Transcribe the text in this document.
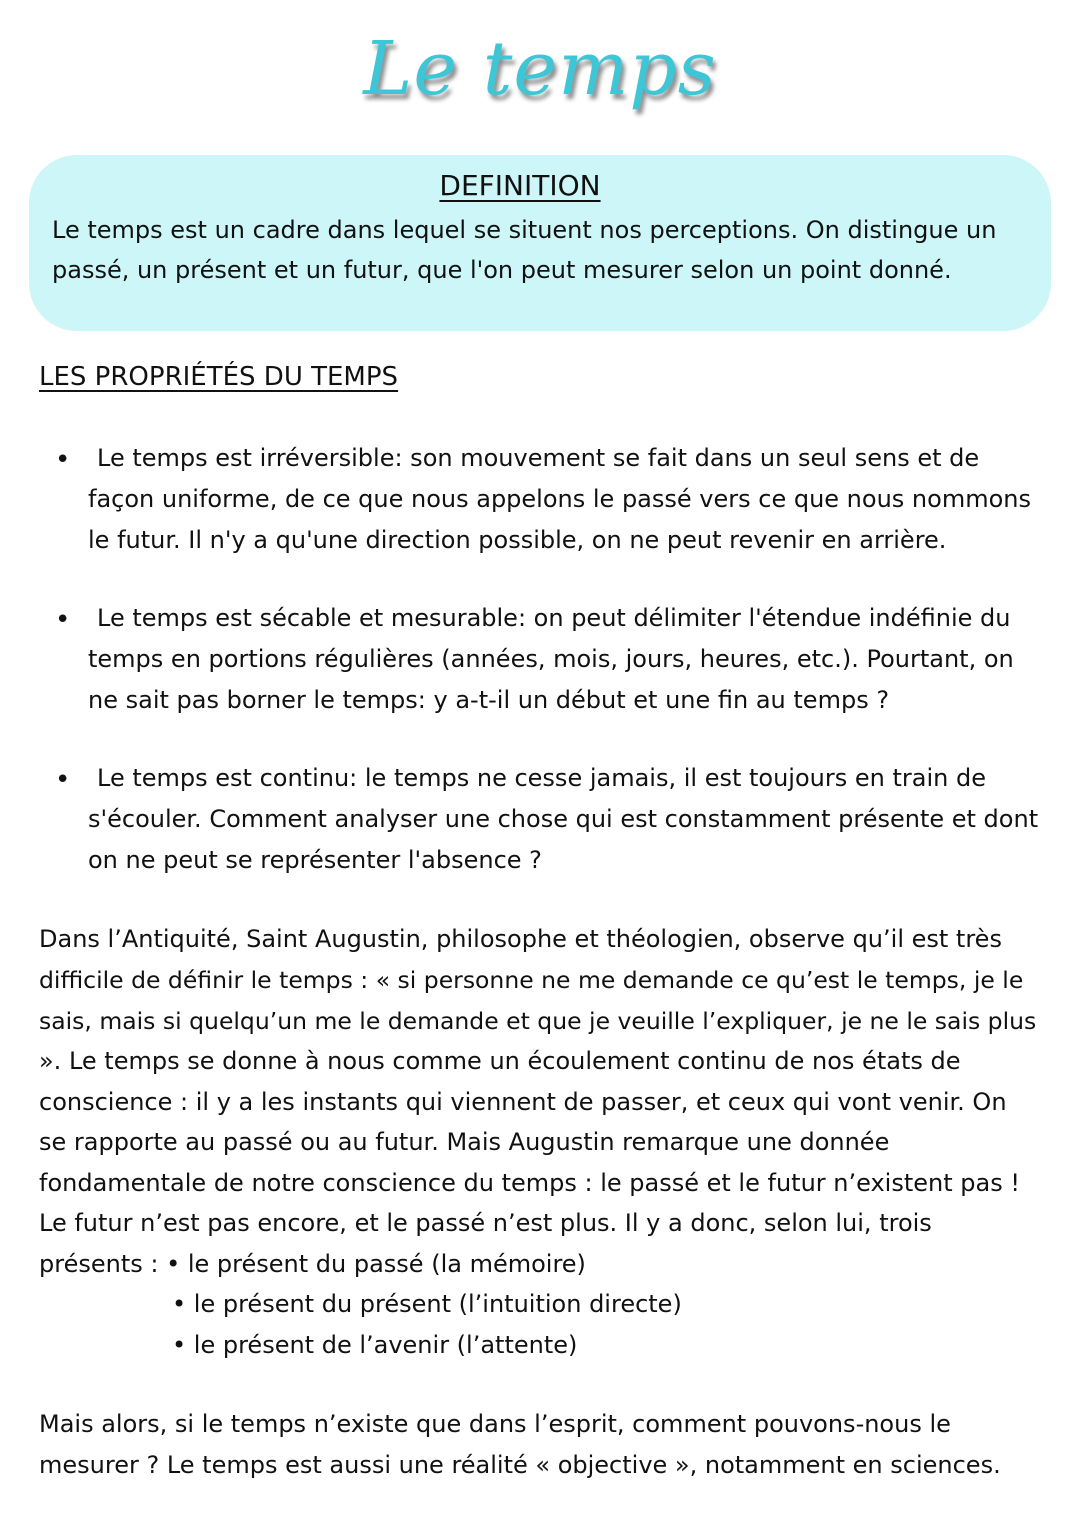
Le temps
DEFINITION
Le temps est un cadre dans lequel se situent nos perceptions. On distingue un
passé, un présent et un futur, que l'on peut mesurer selon un point donné.
LES PROPRIÉTÉS DU TEMPS
• Le temps est irréversible: son mouvement se fait dans un seul sens et de
façon uniforme, de ce que nous appelons le passé vers ce que nous nommons
le futur. Il n'y a qu'une direction possible, on ne peut revenir en arrière.
• Le temps est sécable et mesurable: on peut délimiter l'étendue indéfinie du
temps en portions régulières (années, mois, jours, heures, etc.). Pourtant, on
ne sait pas borner le temps: y a-t-il un début et une fin au temps ?
• Le temps est continu: le temps ne cesse jamais, il est toujours en train de
s'écouler. Comment analyser une chose qui est constamment présente et dont
on ne peut se représenter l'absence ?
Dans l’Antiquité, Saint Augustin, philosophe et théologien, observe qu’il est très
difficile de définir le temps : « si personne ne me demande ce qu’est le temps, je le
sais, mais si quelqu’un me le demande et que je veuille l’expliquer, je ne le sais plus
». Le temps se donne à nous comme un écoulement continu de nos états de
conscience : il y a les instants qui viennent de passer, et ceux qui vont venir. On
se rapporte au passé ou au futur. Mais Augustin remarque une donnée
fondamentale de notre conscience du temps : le passé et le futur n’existent pas !
Le futur n’est pas encore, et le passé n’est plus. Il y a donc, selon lui, trois
présents : • le présent du passé (la mémoire)
• le présent du présent (l’intuition directe)
• le présent de l’avenir (l’attente)
Mais alors, si le temps n’existe que dans l’esprit, comment pouvons-nous le
mesurer ? Le temps est aussi une réalité « objective », notamment en sciences.
